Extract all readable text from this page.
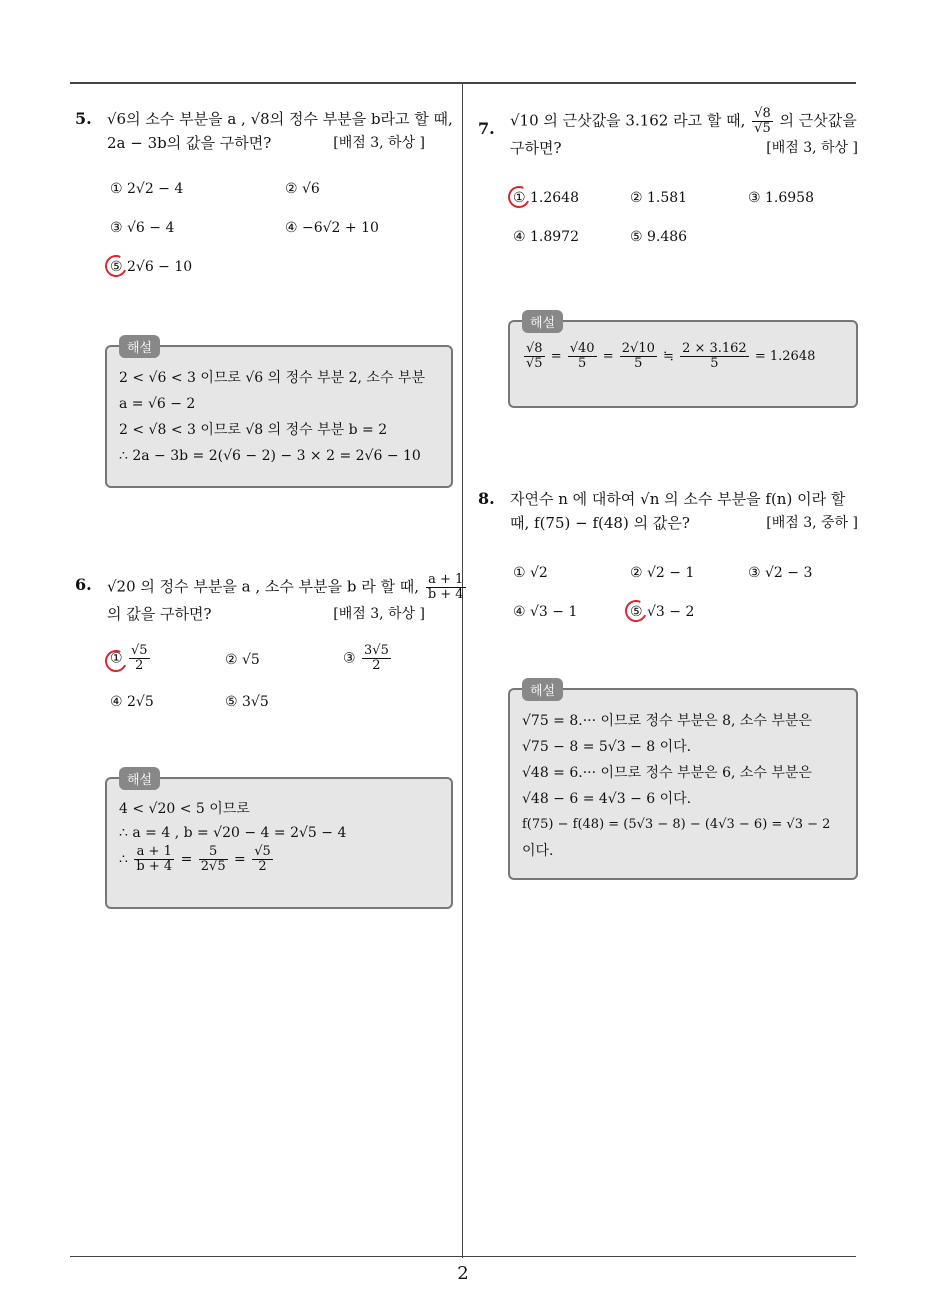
5. √6의 소수 부분을 a , √8의 정수 부분을 b라고 할 때,
2a − 3b의 값을 구하면?	[배점 3, 하상 ]
① 2√2 − 4	② √6
③ √6 − 4	④ −6√2 + 10
⑤ 2√6 − 10
해설
2 < √6 < 3 이므로 √6 의 정수 부분 2, 소수 부분
a = √6 − 2
2 < √8 < 3 이므로 √8 의 정수 부분 b = 2
∴ 2a − 3b = 2(√6 − 2) − 3 × 2 = 2√6 − 10
6. √20 의 정수 부분을 a , 소수 부분을 b 라 할 때, $\frac{a + 1}{b + 4}$
의 값을 구하면?	[배점 3, 하상 ]
① $\frac{√5}{2}$	② √5	③ $\frac{3√5}{2}$
④ 2√5	⑤ 3√5
해설
4 < √20 < 5 이므로
∴ a = 4 , b = √20 − 4 = 2√5 − 4
∴ $\frac{a + 1}{b + 4} = \frac{5}{2√5} = \frac{√5}{2}$
7. √10 의 근삿값을 3.162 라고 할 때, $\frac{√8}{√5}$ 의 근삿값을
구하면?	[배점 3, 하상 ]
① 1.2648	② 1.581	③ 1.6958
④ 1.8972	⑤ 9.486
해설
$\frac{√8}{√5} = \frac{√40}{5} = \frac{2√10}{5}$ ≒ $\frac{2 \times 3.162}{5} = 1.2648$
8. 자연수 n 에 대하여 √n 의 소수 부분을 f(n) 이라 할
때, f(75) − f(48) 의 값은?	[배점 3, 중하 ]
① √2	② √2 − 1	③ √2 − 3
④ √3 − 1	⑤ √3 − 2
해설
√75 = 8.··· 이므로 정수 부분은 8, 소수 부분은
√75 − 8 = 5√3 − 8 이다.
√48 = 6.··· 이므로 정수 부분은 6, 소수 부분은
√48 − 6 = 4√3 − 6 이다.
f(75) − f(48) = (5√3 − 8) − (4√3 − 6) = √3 − 2
이다.
2
